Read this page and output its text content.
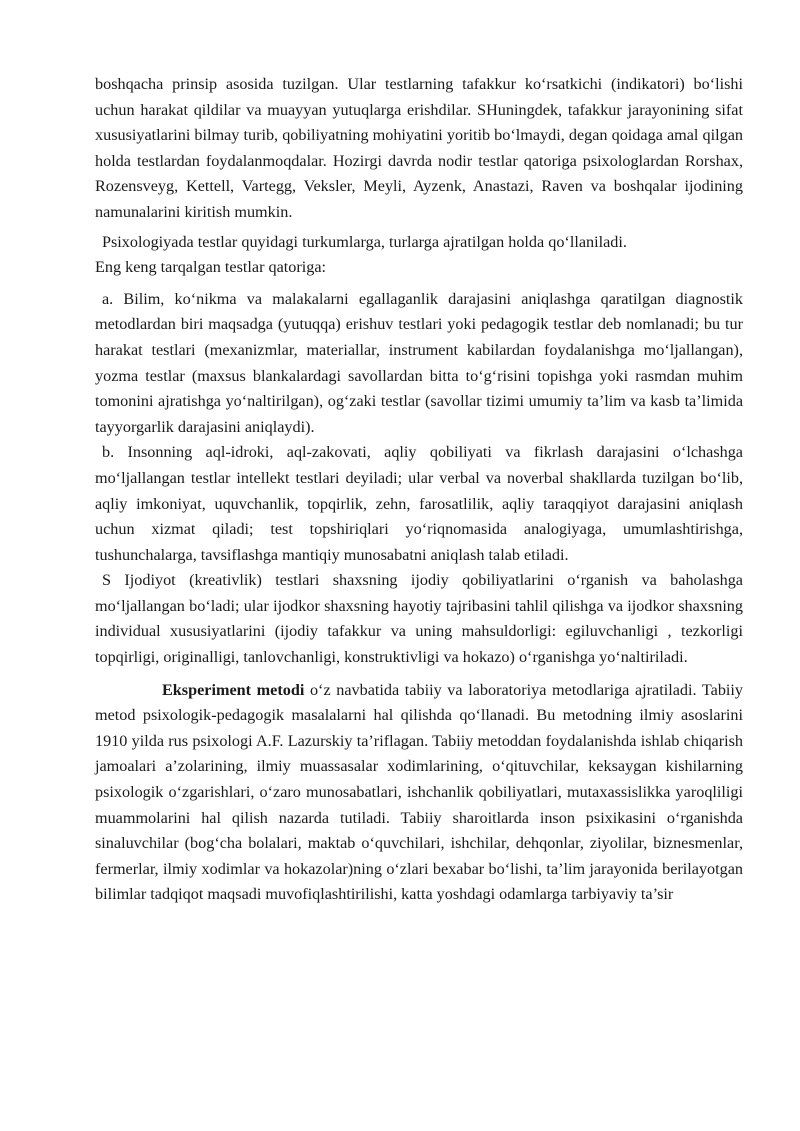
boshqacha prinsip asosida tuzilgan. Ular testlarning tafakkur ko‘rsatkichi (indikatori) bo‘lishi uchun harakat qildilar va muayyan yutuqlarga erishdilar. SHuningdek, tafakkur jarayonining sifat xususiyatlarini bilmay turib, qobiliyatning mohiyatini yoritib bo‘lmaydi, degan qoidaga amal qilgan holda testlardan foydalanmoqdalar. Hozirgi davrda nodir testlar qatoriga psixologlardan Rorshax, Rozensveyg, Kettell, Vartegg, Veksler, Meyli, Ayzenk, Anastazi, Raven va boshqalar ijodining namunalarini kiritish mumkin.

Psixologiyada testlar quyidagi turkumlarga, turlarga ajratilgan holda qo‘llaniladi.

Eng keng tarqalgan testlar qatoriga:

a. Bilim, ko‘nikma va malakalarni egallaganlik darajasini aniqlashga qaratilgan diagnostik metodlardan biri maqsadga (yutuqqa) erishuv testlari yoki pedagogik testlar deb nomlanadi; bu tur harakat testlari (mexanizmlar, materiallar, instrument kabilardan foydalanishga mo‘ljallangan), yozma testlar (maxsus blankalardagi savollardan bitta to‘g‘risini topishga yoki rasmdan muhim tomonini ajratishga yo‘naltirilgan), og‘zaki testlar (savollar tizimi umumiy ta’lim va kasb ta’limida tayyorgarlik darajasini aniqlaydi).

b. Insonning aql-idroki, aql-zakovati, aqliy qobiliyati va fikrlash darajasini o‘lchashga mo‘ljallangan testlar intellekt testlari deyiladi; ular verbal va noverbal shakllarda tuzilgan bo‘lib, aqliy imkoniyat, uquvchanlik, topqirlik, zehn, farosatlilik, aqliy taraqqiyot darajasini aniqlash uchun xizmat qiladi; test topshiriqlari yo‘riqnomasida analogiyaga, umumlashtirishga, tushunchalarga, tavsiflashga mantiqiy munosabatni aniqlash talab etiladi.

S Ijodiyot (kreativlik) testlari shaxsning ijodiy qobiliyatlarini o‘rganish va baholashga mo‘ljallangan bo‘ladi; ular ijodkor shaxsning hayotiy tajribasini tahlil qilishga va ijodkor shaxsning individual xususiyatlarini (ijodiy tafakkur va uning mahsuldorligi: egiluvchanligi , tezkorligi topqirligi, originalligi, tanlovchanligi, konstruktivligi va hokazo) o‘rganishga yo‘naltiriladi.

Eksperiment metodi o‘z navbatida tabiiy va laboratoriya metodlariga ajratiladi. Tabiiy metod psixologik-pedagogik masalalarni hal qilishda qo‘llanadi. Bu metodning ilmiy asoslarini 1910 yilda rus psixologi A.F. Lazurskiy ta’riflagan. Tabiiy metoddan foydalanishda ishlab chiqarish jamoalari a’zolarining, ilmiy muassasalar xodimlarining, o‘qituvchilar, keksaygan kishilarning psixologik o‘zgarishlari, o‘zaro munosabatlari, ishchanlik qobiliyatlari, mutaxassislikka yaroqliligi muammolarini hal qilish nazarda tutiladi. Tabiiy sharoitlarda inson psixikasini o‘rganishda sinaluvchilar (bog‘cha bolalari, maktab o‘quvchilari, ishchilar, dehqonlar, ziyolilar, biznesmenlar, fermerlar, ilmiy xodimlar va hokazolar)ning o‘zlari bexabar bo‘lishi, ta’lim jarayonida berilayotgan bilimlar tadqiqot maqsadi muvofiqlashtirilishi, katta yoshdagi odamlarga tarbiyaviy ta’sir
